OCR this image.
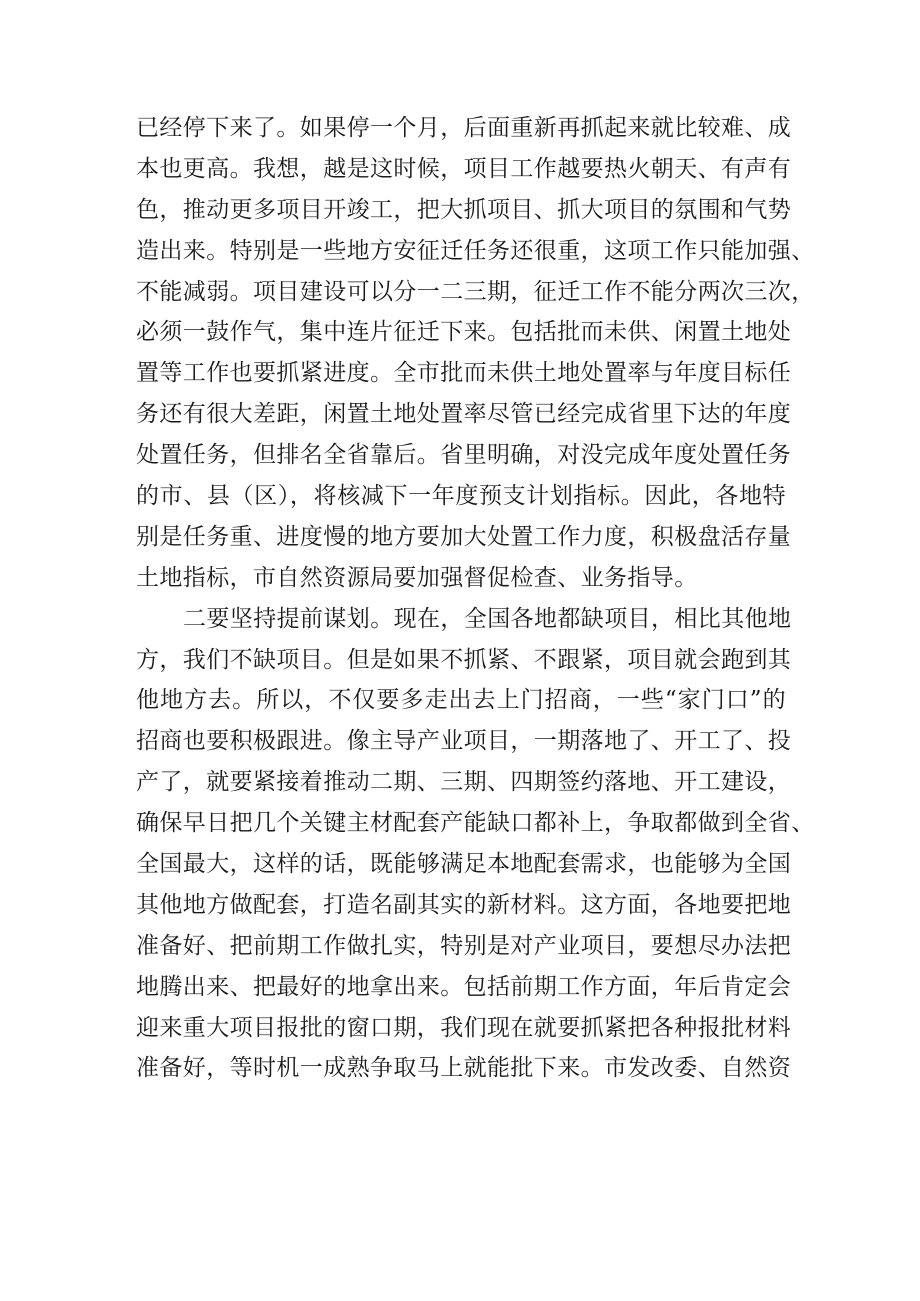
已经停下来了。如果停一个月，后面重新再抓起来就比较难、成
本也更高。我想，越是这时候，项目工作越要热火朝天、有声有
色，推动更多项目开竣工，把大抓项目、抓大项目的氛围和气势
造出来。特别是一些地方安征迁任务还很重，这项工作只能加强、
不能减弱。项目建设可以分一二三期，征迁工作不能分两次三次，
必须一鼓作气，集中连片征迁下来。包括批而未供、闲置土地处
置等工作也要抓紧进度。全市批而未供土地处置率与年度目标任
务还有很大差距，闲置土地处置率尽管已经完成省里下达的年度
处置任务，但排名全省靠后。省里明确，对没完成年度处置任务
的市、县（区），将核减下一年度预支计划指标。因此，各地特
别是任务重、进度慢的地方要加大处置工作力度，积极盘活存量
土地指标，市自然资源局要加强督促检查、业务指导。
二要坚持提前谋划。现在，全国各地都缺项目，相比其他地
方，我们不缺项目。但是如果不抓紧、不跟紧，项目就会跑到其
他地方去。所以，不仅要多走出去上门招商，一些“家门口”的
招商也要积极跟进。像主导产业项目，一期落地了、开工了、投
产了，就要紧接着推动二期、三期、四期签约落地、开工建设，
确保早日把几个关键主材配套产能缺口都补上，争取都做到全省、
全国最大，这样的话，既能够满足本地配套需求，也能够为全国
其他地方做配套，打造名副其实的新材料。这方面，各地要把地
准备好、把前期工作做扎实，特别是对产业项目，要想尽办法把
地腾出来、把最好的地拿出来。包括前期工作方面，年后肯定会
迎来重大项目报批的窗口期，我们现在就要抓紧把各种报批材料
准备好，等时机一成熟争取马上就能批下来。市发改委、自然资
